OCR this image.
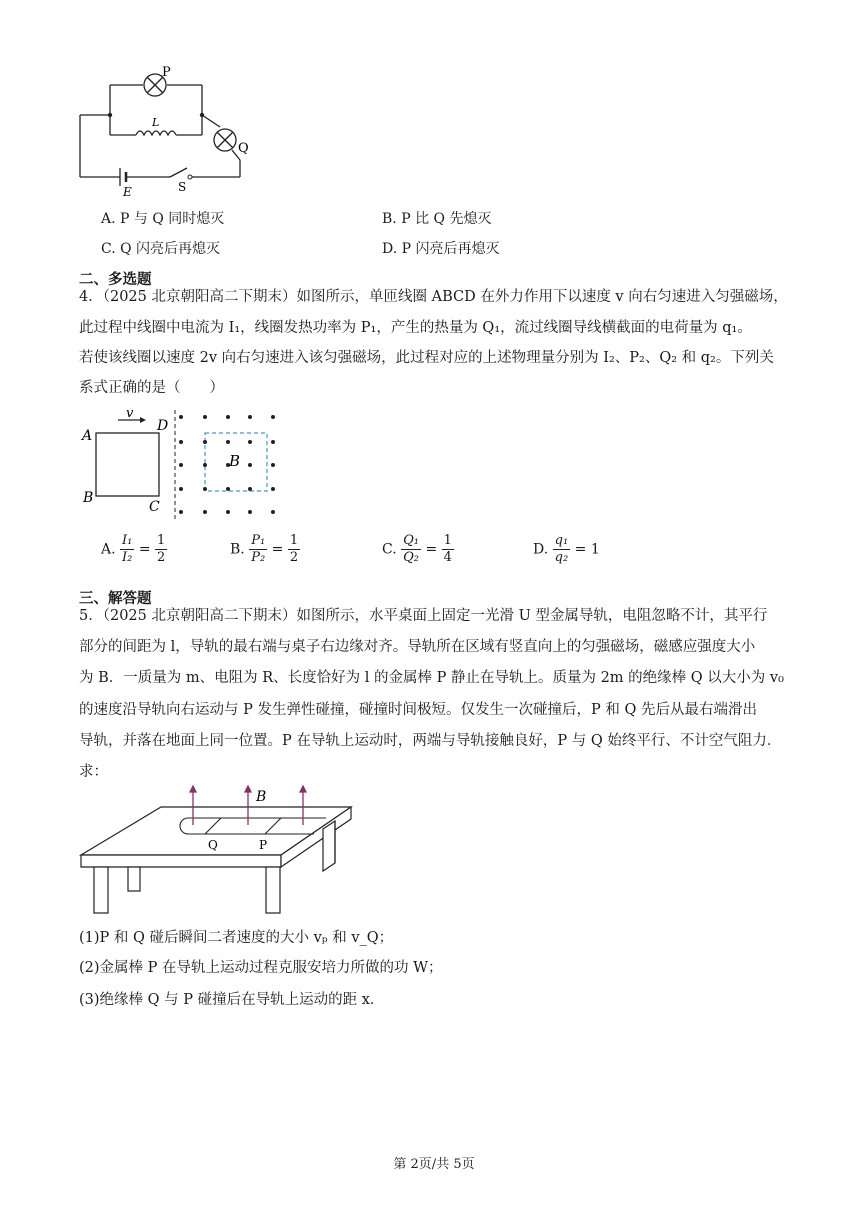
P
Q
L
E	S
A. P 与 Q 同时熄灭	B. P 比 Q 先熄灭
C. Q 闪亮后再熄灭	D. P 闪亮后再熄灭
二、多选题
4．（2025 北京朝阳高二下期末）如图所示，单匝线圈 ABCD 在外力作用下以速度 v 向右匀速进入匀强磁场，
此过程中线圈中电流为 I₁，线圈发热功率为 P₁，产生的热量为 Q₁，流过线圈导线横截面的电荷量为 q₁。
若使该线圈以速度 2v 向右匀速进入该匀强磁场，此过程对应的上述物理量分别为 I₂、P₂、Q₂ 和 q₂。下列关
系式正确的是（　　）
A
B
C
D
v
B
A. $\frac{\text{I₁}}{\text{I₂}} = \frac{1}{2}$	B. $\frac{\text{P₁}}{\text{P₂}} = \frac{1}{2}$	C. $\frac{\text{Q₁}}{\text{Q₂}} = \frac{1}{4}$	D. $\frac{\text{q₁}}{\text{q₂}} = 1$
三、解答题
5．（2025 北京朝阳高二下期末）如图所示，水平桌面上固定一光滑 U 型金属导轨，电阻忽略不计，其平行
部分的间距为 l，导轨的最右端与桌子右边缘对齐。导轨所在区域有竖直向上的匀强磁场，磁感应强度大小
为 B．一质量为 m、电阻为 R、长度恰好为 l 的金属棒 P 静止在导轨上。质量为 2m 的绝缘棒 Q 以大小为 v₀
的速度沿导轨向右运动与 P 发生弹性碰撞，碰撞时间极短。仅发生一次碰撞后，P 和 Q 先后从最右端滑出
导轨，并落在地面上同一位置。P 在导轨上运动时，两端与导轨接触良好，P 与 Q 始终平行、不计空气阻力．
求：
B
Q	P
(1)P 和 Q 碰后瞬间二者速度的大小 vₚ 和 v_Q；
(2)金属棒 P 在导轨上运动过程克服安培力所做的功 W；
(3)绝缘棒 Q 与 P 碰撞后在导轨上运动的距 x．
第 2页/共 5页
